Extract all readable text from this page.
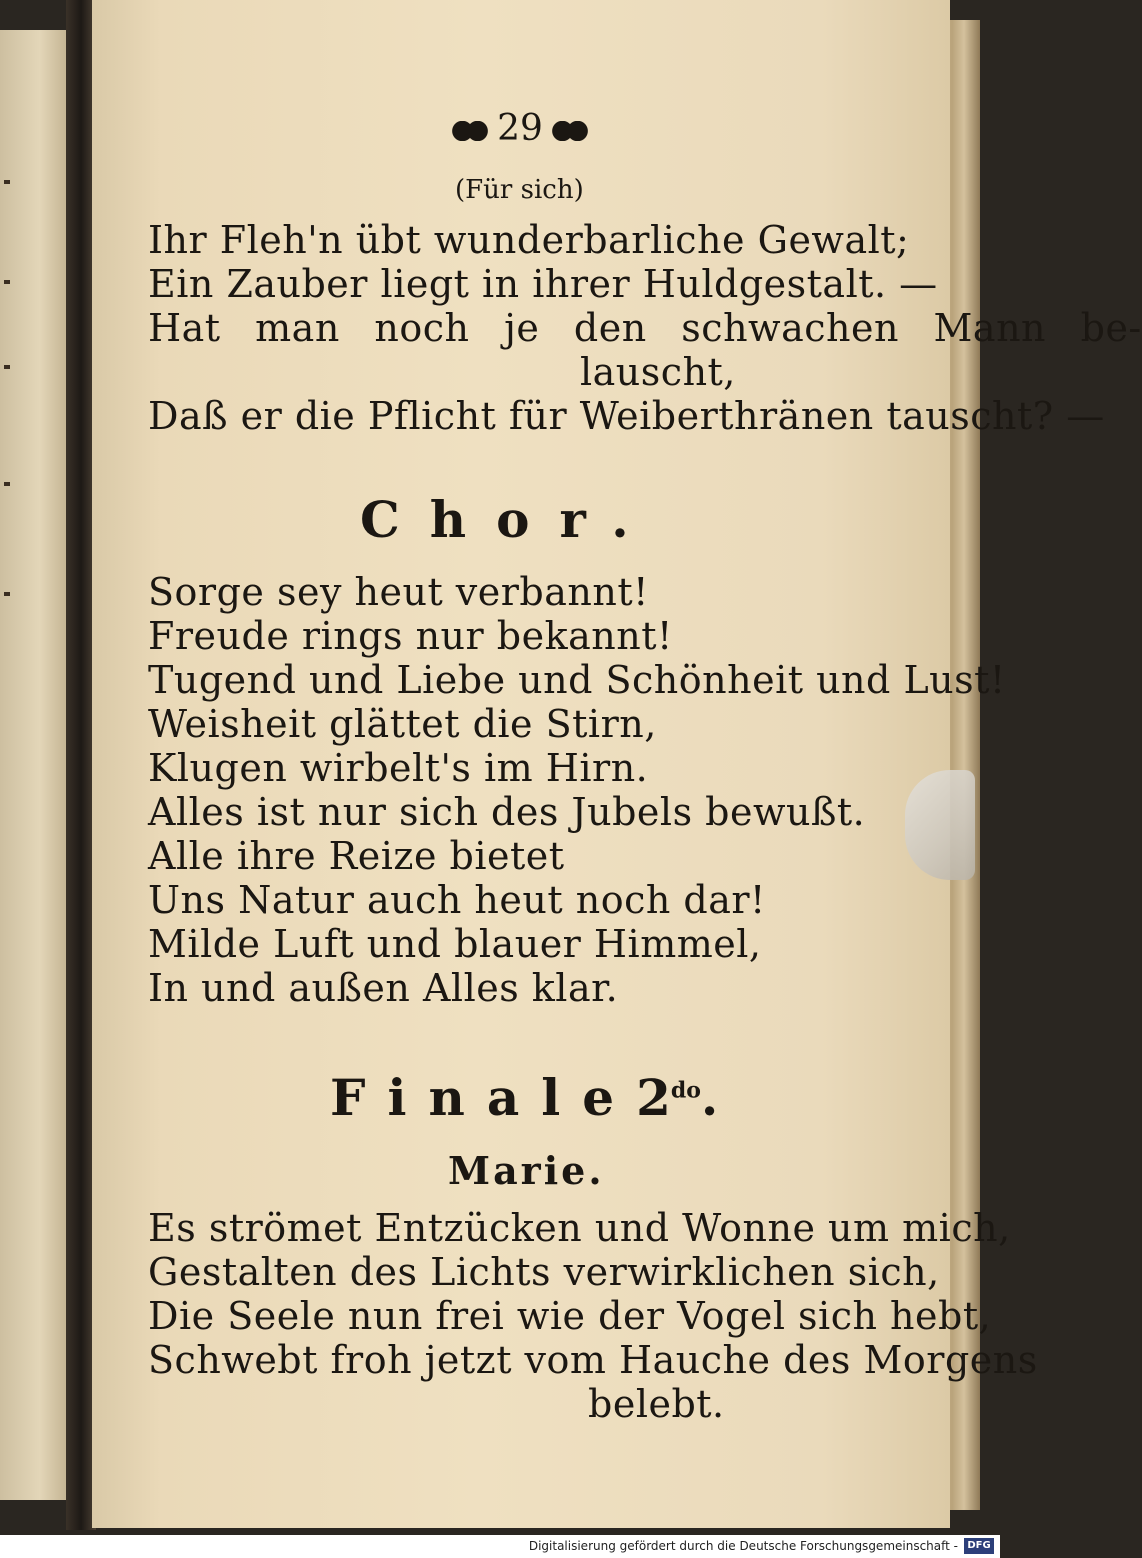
29

(Für sich)

Ihr Fleh'n übt wunderbarliche Gewalt;

Ein Zauber liegt in ihrer Huldgestalt. —

Hat man noch je den schwachen Mann be-

lauscht,

Daß er die Pflicht für Weiberthränen tauscht? —

Chor.

Sorge sey heut verbannt!

Freude rings nur bekannt!

Tugend und Liebe und Schönheit und Lust!

Weisheit glättet die Stirn,

Klugen wirbelt's im Hirn.

Alles ist nur sich des Jubels bewußt.

Alle ihre Reize bietet

Uns Natur auch heut noch dar!

Milde Luft und blauer Himmel,

In und außen Alles klar.

$Finale2^{do}$.

Marie.

Es strömet Entzücken und Wonne um mich,

Gestalten des Lichts verwirklichen sich,

Die Seele nun frei wie der Vogel sich hebt,

Schwebt froh jetzt vom Hauche des Morgens

belebt.

Digitalisierung gefördert durch die Deutsche Forschungsgemeinschaft - DFG
